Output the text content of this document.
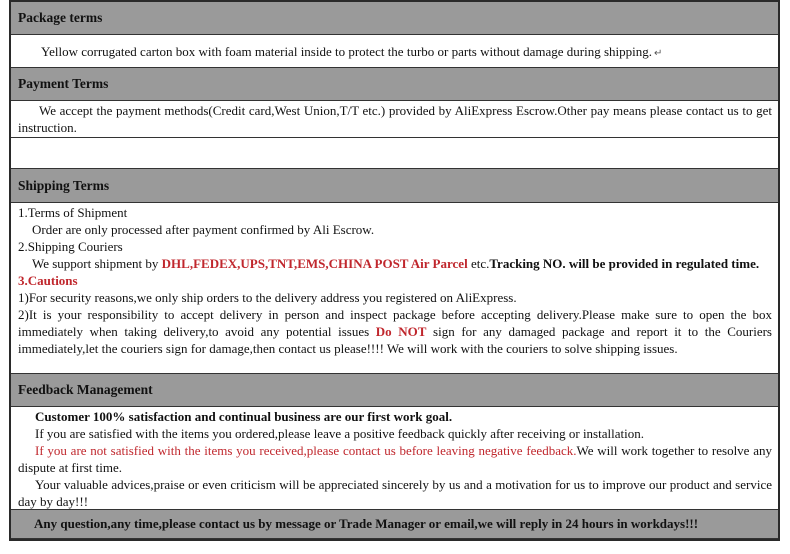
Package terms
Yellow corrugated carton box with foam material inside to protect the turbo or parts without damage during shipping. ↵
Payment Terms
We accept the payment methods(Credit card,West Union,T/T etc.) provided by AliExpress Escrow.Other pay means please contact us to get instruction.
Shipping Terms
1.Terms of Shipment
Order are only processed after payment confirmed by Ali Escrow.
2.Shipping Couriers
We support shipment by DHL,FEDEX,UPS,TNT,EMS,CHINA POST Air Parcel etc.Tracking NO. will be provided in regulated time.
3.Cautions
1)For security reasons,we only ship orders to the delivery address you registered on AliExpress.
2)It is your responsibility to accept delivery in person and inspect package before accepting delivery.Please make sure to open the box immediately when taking delivery,to avoid any potential issues Do NOT sign for any damaged package and report it to the Couriers immediately,let the couriers sign for damage,then contact us please!!!! We will work with the couriers to solve shipping issues.
Feedback Management
Customer 100% satisfaction and continual business are our first work goal.
If you are satisfied with the items you ordered,please leave a positive feedback quickly after receiving or installation.
If you are not satisfied with the items you received,please contact us before leaving negative feedback.We will work together to resolve any dispute at first time.
Your valuable advices,praise or even criticism will be appreciated sincerely by us and a motivation for us to improve our product and service day by day!!!
Any question,any time,please contact us by message or Trade Manager or email,we will reply in 24 hours in workdays!!!
